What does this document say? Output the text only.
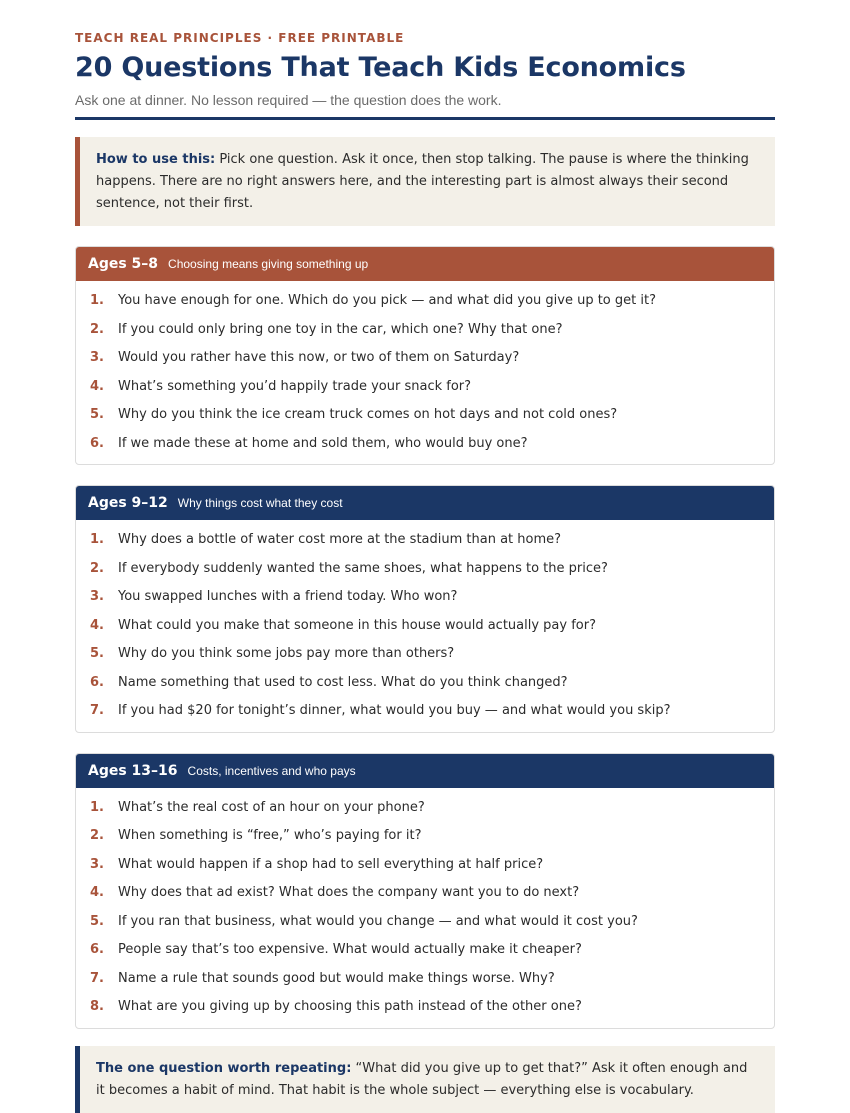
TEACH REAL PRINCIPLES · FREE PRINTABLE
20 Questions That Teach Kids Economics
Ask one at dinner. No lesson required — the question does the work.
How to use this: Pick one question. Ask it once, then stop talking. The pause is where the thinking happens. There are no right answers here, and the interesting part is almost always their second sentence, not their first.
Ages 5–8 Choosing means giving something up
1.	You have enough for one. Which do you pick — and what did you give up to get it?
2.	If you could only bring one toy in the car, which one? Why that one?
3.	Would you rather have this now, or two of them on Saturday?
4.	What’s something you’d happily trade your snack for?
5.	Why do you think the ice cream truck comes on hot days and not cold ones?
6.	If we made these at home and sold them, who would buy one?
Ages 9–12 Why things cost what they cost
1.	Why does a bottle of water cost more at the stadium than at home?
2.	If everybody suddenly wanted the same shoes, what happens to the price?
3.	You swapped lunches with a friend today. Who won?
4.	What could you make that someone in this house would actually pay for?
5.	Why do you think some jobs pay more than others?
6.	Name something that used to cost less. What do you think changed?
7.	If you had $20 for tonight’s dinner, what would you buy — and what would you skip?
Ages 13–16 Costs, incentives and who pays
1.	What’s the real cost of an hour on your phone?
2.	When something is “free,” who’s paying for it?
3.	What would happen if a shop had to sell everything at half price?
4.	Why does that ad exist? What does the company want you to do next?
5.	If you ran that business, what would you change — and what would it cost you?
6.	People say that’s too expensive. What would actually make it cheaper?
7.	Name a rule that sounds good but would make things worse. Why?
8.	What are you giving up by choosing this path instead of the other one?
The one question worth repeating: “What did you give up to get that?” Ask it often enough and it becomes a habit of mind. That habit is the whole subject — everything else is vocabulary.
